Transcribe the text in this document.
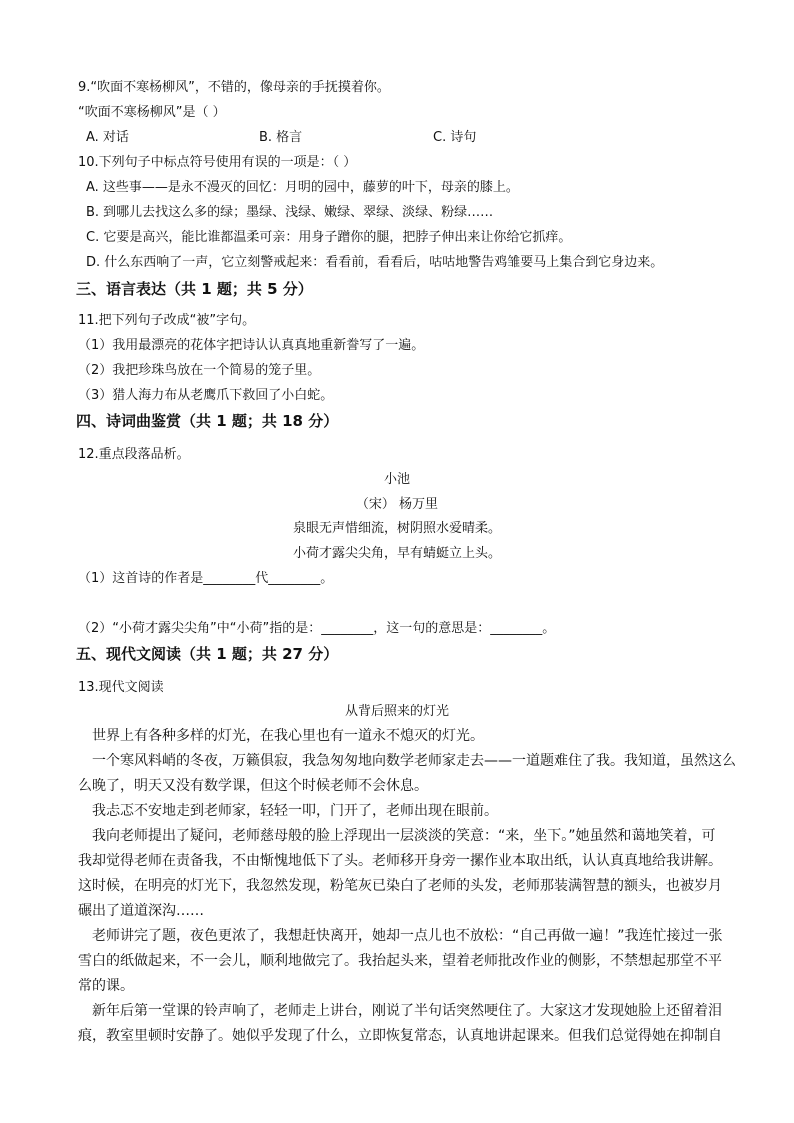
9.“吹面不寒杨柳风”，不错的，像母亲的手抚摸着你。
“吹面不寒杨柳风”是（ ）
A. 对话	B. 格言	C. 诗句
10.下列句子中标点符号使用有误的一项是：（ ）
A. 这些事——是永不漫灭的回忆：月明的园中，藤萝的叶下，母亲的膝上。
B. 到哪儿去找这么多的绿；墨绿、浅绿、嫩绿、翠绿、淡绿、粉绿……
C. 它要是高兴，能比谁都温柔可亲：用身子蹭你的腿，把脖子伸出来让你给它抓痒。
D. 什么东西响了一声，它立刻警戒起来：看看前，看看后，咕咕地警告鸡雏要马上集合到它身边来。
三、语言表达（共 1 题；共 5 分）
11.把下列句子改成“被”字句。
（1）我用最漂亮的花体字把诗认认真真地重新誊写了一遍。
（2）我把珍珠鸟放在一个简易的笼子里。
（3）猎人海力布从老鹰爪下救回了小白蛇。
四、诗词曲鉴赏（共 1 题；共 18 分）
12.重点段落品析。
小池
（宋） 杨万里
泉眼无声惜细流，树阴照水爱晴柔。
小荷才露尖尖角，早有蜻蜓立上头。
（1）这首诗的作者是________代________。
（2）“小荷才露尖尖角”中“小荷”指的是：________，这一句的意思是：________。
五、现代文阅读（共 1 题；共 27 分）
13.现代文阅读
从背后照来的灯光
世界上有各种多样的灯光，在我心里也有一道永不熄灭的灯光。
一个寒风料峭的冬夜，万籁俱寂，我急匆匆地向数学老师家走去——一道题难住了我。我知道，虽然这么
么晚了，明天又没有数学课，但这个时候老师不会休息。
我忐忑不安地走到老师家，轻轻一叩，门开了，老师出现在眼前。
我向老师提出了疑问，老师慈母般的脸上浮现出一层淡淡的笑意：“来，坐下。”她虽然和蔼地笑着，可
我却觉得老师在责备我，不由惭愧地低下了头。老师移开身旁一摞作业本取出纸，认认真真地给我讲解。
这时候，在明亮的灯光下，我忽然发现，粉笔灰已染白了老师的头发，老师那装满智慧的额头，也被岁月
碾出了道道深沟……
老师讲完了题，夜色更浓了，我想赶快离开，她却一点儿也不放松：“自己再做一遍！”我连忙接过一张
雪白的纸做起来，不一会儿，顺利地做完了。我抬起头来，望着老师批改作业的侧影，不禁想起那堂不平
常的课。
新年后第一堂课的铃声响了，老师走上讲台，刚说了半句话突然哽住了。大家这才发现她脸上还留着泪
痕，教室里顿时安静了。她似乎发现了什么，立即恢复常态，认真地讲起课来。但我们总觉得她在抑制自
